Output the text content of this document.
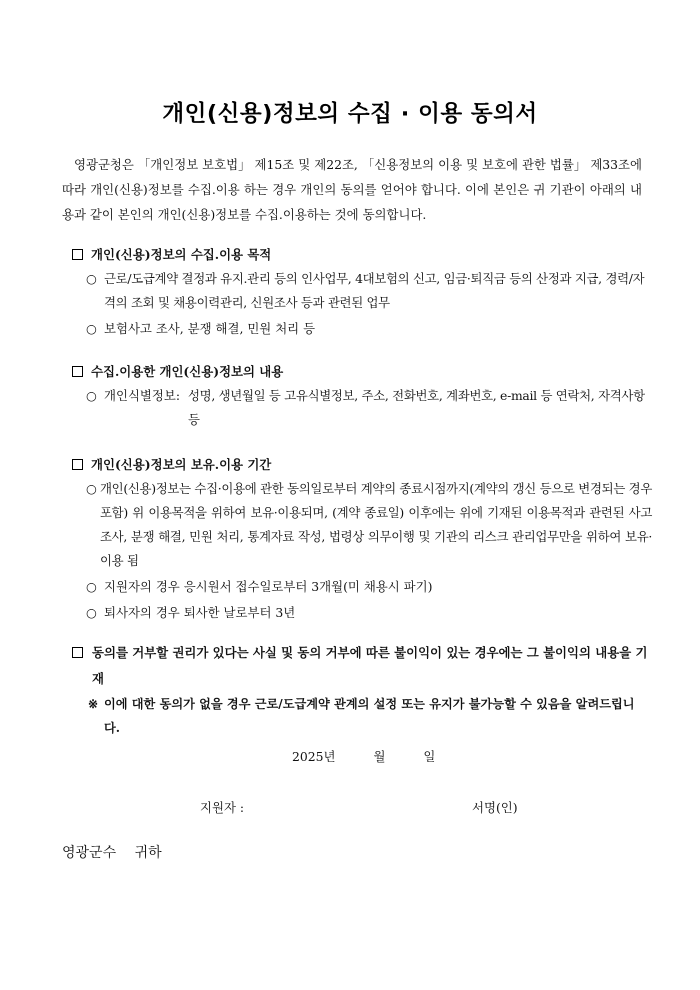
개인(신용)정보의 수집 · 이용 동의서
영광군청은 「개인정보 보호법」 제15조 및 제22조, 「신용정보의 이용 및 보호에 관한 법률」 제33조에 따라 개인(신용)정보를 수집.이용 하는 경우 개인의 동의를 얻어야 합니다. 이에 본인은 귀 기관이 아래의 내용과 같이 본인의 개인(신용)정보를 수집.이용하는 것에 동의합니다.
개인(신용)정보의 수집.이용 목적
○ 근로/도급계약 결정과 유지.관리 등의 인사업무, 4대보험의 신고, 임금·퇴직금 등의 산정과 지급, 경력/자격의 조회 및 채용이력관리, 신원조사 등과 관련된 업무
○ 보험사고 조사, 분쟁 해결, 민원 처리 등
수집.이용한 개인(신용)정보의 내용
○ 개인식별정보: 성명, 생년월일 등 고유식별정보, 주소, 전화번호, 계좌번호, e-mail 등 연락처, 자격사항 등
개인(신용)정보의 보유.이용 기간
○ 개인(신용)정보는 수집·이용에 관한 동의일로부터 계약의 종료시점까지(계약의 갱신 등으로 변경되는 경우 포함) 위 이용목적을 위하여 보유·이용되며, (계약 종료일) 이후에는 위에 기재된 이용목적과 관련된 사고 조사, 분쟁 해결, 민원 처리, 통계자료 작성, 법령상 의무이행 및 기관의 리스크 관리업무만을 위하여 보유·이용 됨
○ 지원자의 경우 응시원서 접수일로부터 3개월(미 채용시 파기)
○ 퇴사자의 경우 퇴사한 날로부터 3년
동의를 거부할 권리가 있다는 사실 및 동의 거부에 따른 불이익이 있는 경우에는 그 불이익의 내용을 기재
※ 이에 대한 동의가 없을 경우 근로/도급계약 관계의 설정 또는 유지가 불가능할 수 있음을 알려드립니다.
2025년	월	일
지원자 :	서명(인)
영광군수 귀하
